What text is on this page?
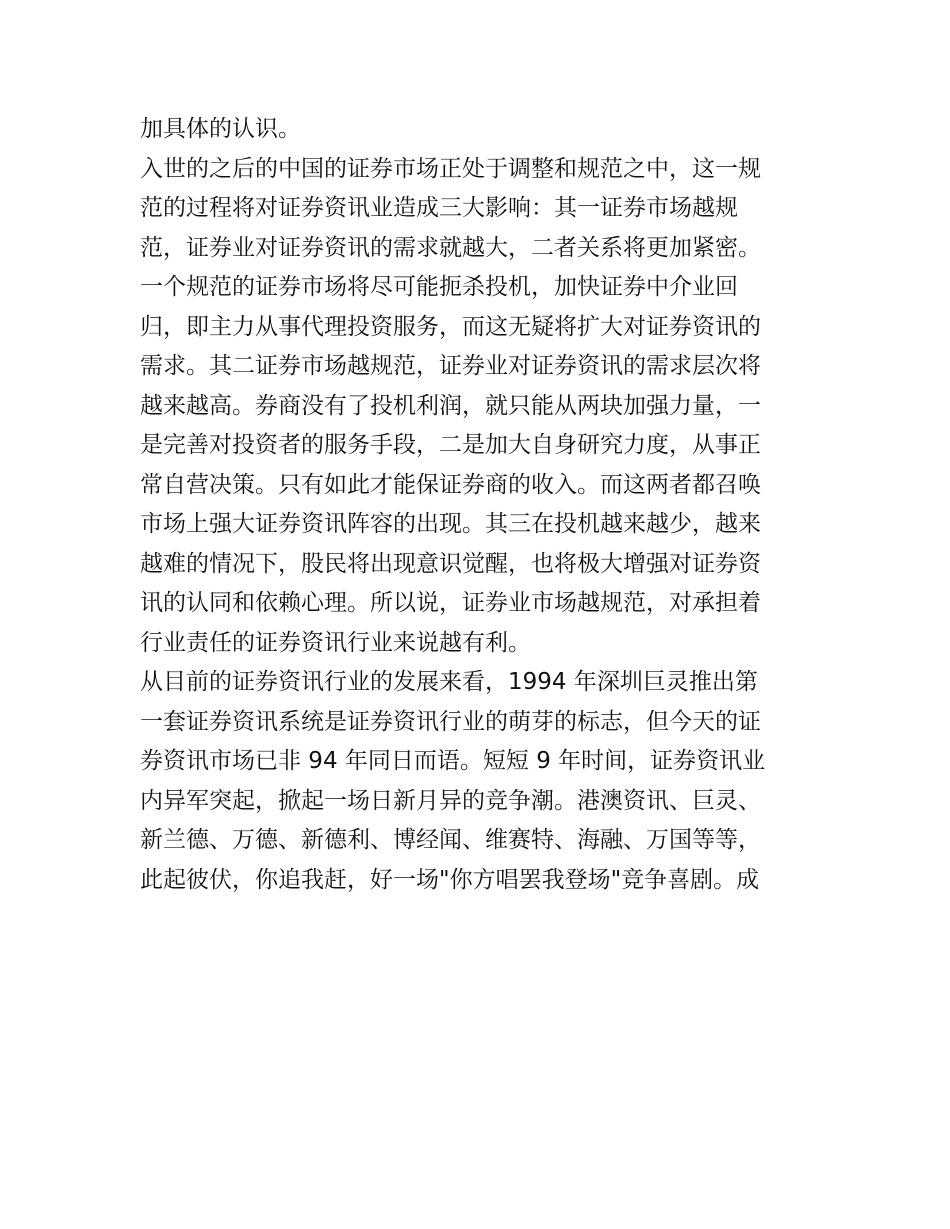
加具体的认识。
入世的之后的中国的证券市场正处于调整和规范之中，这一规
范的过程将对证券资讯业造成三大影响：其一证券市场越规
范，证券业对证券资讯的需求就越大，二者关系将更加紧密。
一个规范的证券市场将尽可能扼杀投机，加快证券中介业回
归，即主力从事代理投资服务，而这无疑将扩大对证券资讯的
需求。其二证券市场越规范，证券业对证券资讯的需求层次将
越来越高。券商没有了投机利润，就只能从两块加强力量，一
是完善对投资者的服务手段，二是加大自身研究力度，从事正
常自营决策。只有如此才能保证券商的收入。而这两者都召唤
市场上强大证券资讯阵容的出现。其三在投机越来越少，越来
越难的情况下，股民将出现意识觉醒，也将极大增强对证券资
讯的认同和依赖心理。所以说，证券业市场越规范，对承担着
行业责任的证券资讯行业来说越有利。
从目前的证券资讯行业的发展来看，1994 年深圳巨灵推出第
一套证券资讯系统是证券资讯行业的萌芽的标志，但今天的证
券资讯市场已非 94 年同日而语。短短 9 年时间，证券资讯业
内异军突起，掀起一场日新月异的竞争潮。港澳资讯、巨灵、
新兰德、万德、新德利、博经闻、维赛特、海融、万国等等，
此起彼伏，你追我赶，好一场"你方唱罢我登场"竞争喜剧。成
